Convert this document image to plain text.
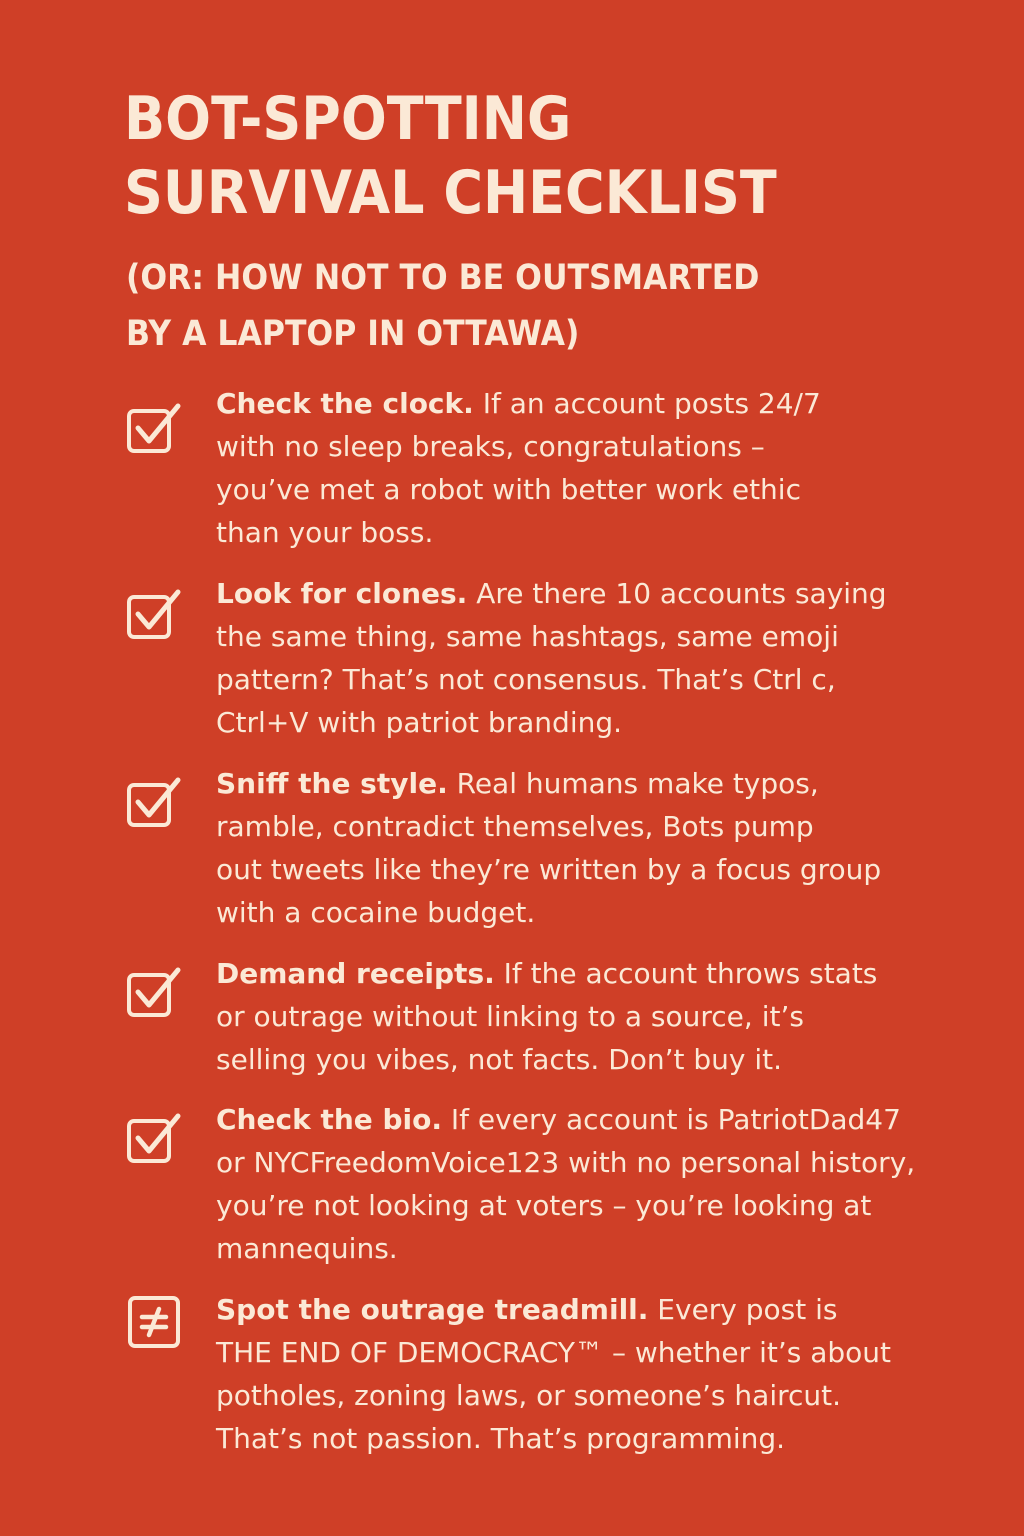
BOT-SPOTTING
SURVIVAL CHECKLIST
(OR: HOW NOT TO BE OUTSMARTED
BY A LAPTOP IN OTTAWA)
Check the clock. If an account posts 24/7
with no sleep breaks, congratulations –
you’ve met a robot with better work ethic
than your boss.
Look for clones. Are there 10 accounts saying
the same thing, same hashtags, same emoji
pattern? That’s not consensus. That’s Ctrl c,
Ctrl+V with patriot branding.
Sniff the style. Real humans make typos,
ramble, contradict themselves, Bots pump
out tweets like they’re written by a focus group
with a cocaine budget.
Demand receipts. If the account throws stats
or outrage without linking to a source, it’s
selling you vibes, not facts. Don’t buy it.
Check the bio. If every account is PatriotDad47
or NYCFreedomVoice123 with no personal history,
you’re not looking at voters – you’re looking at
mannequins.
Spot the outrage treadmill. Every post is
THE END OF DEMOCRACY™ – whether it’s about
potholes, zoning laws, or someone’s haircut.
That’s not passion. That’s programming.
